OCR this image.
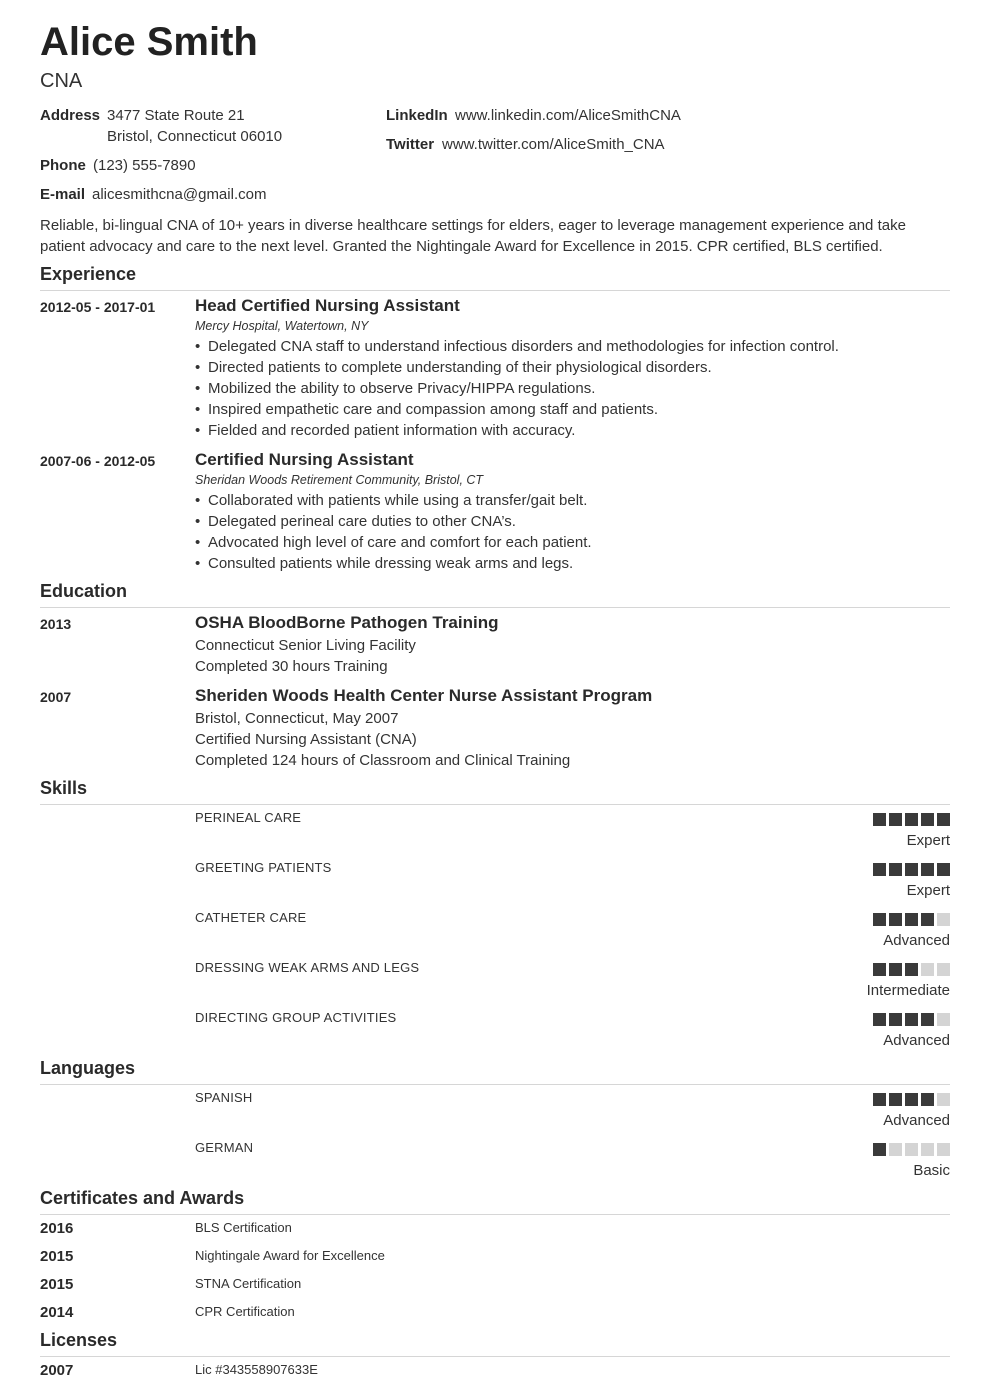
Alice Smith
CNA
Address 3477 State Route 21
Bristol, Connecticut 06010
Phone (123) 555-7890
E-mail alicesmithcna@gmail.com
LinkedIn www.linkedin.com/AliceSmithCNA
Twitter www.twitter.com/AliceSmith_CNA
Reliable, bi-lingual CNA of 10+ years in diverse healthcare settings for elders, eager to leverage management experience and take patient advocacy and care to the next level. Granted the Nightingale Award for Excellence in 2015. CPR certified, BLS certified.
Experience
2012-05 - 2017-01 Head Certified Nursing Assistant
Mercy Hospital, Watertown, NY
• Delegated CNA staff to understand infectious disorders and methodologies for infection control.
• Directed patients to complete understanding of their physiological disorders.
• Mobilized the ability to observe Privacy/HIPPA regulations.
• Inspired empathetic care and compassion among staff and patients.
• Fielded and recorded patient information with accuracy.
2007-06 - 2012-05 Certified Nursing Assistant
Sheridan Woods Retirement Community, Bristol, CT
• Collaborated with patients while using a transfer/gait belt.
• Delegated perineal care duties to other CNA’s.
• Advocated high level of care and comfort for each patient.
• Consulted patients while dressing weak arms and legs.
Education
2013	OSHA BloodBorne Pathogen Training
Connecticut Senior Living Facility
Completed 30 hours Training
2007	Sheriden Woods Health Center Nurse Assistant Program
Bristol, Connecticut, May 2007
Certified Nursing Assistant (CNA)
Completed 124 hours of Classroom and Clinical Training
Skills
PERINEAL CARE
Expert
GREETING PATIENTS
Expert
CATHETER CARE
Advanced
DRESSING WEAK ARMS AND LEGS
Intermediate
DIRECTING GROUP ACTIVITIES
Advanced
Languages
SPANISH
Advanced
GERMAN
Basic
Certificates and Awards
2016	BLS Certification
2015	Nightingale Award for Excellence
2015	STNA Certification
2014	CPR Certification
Licenses
2007	Lic #343558907633E
